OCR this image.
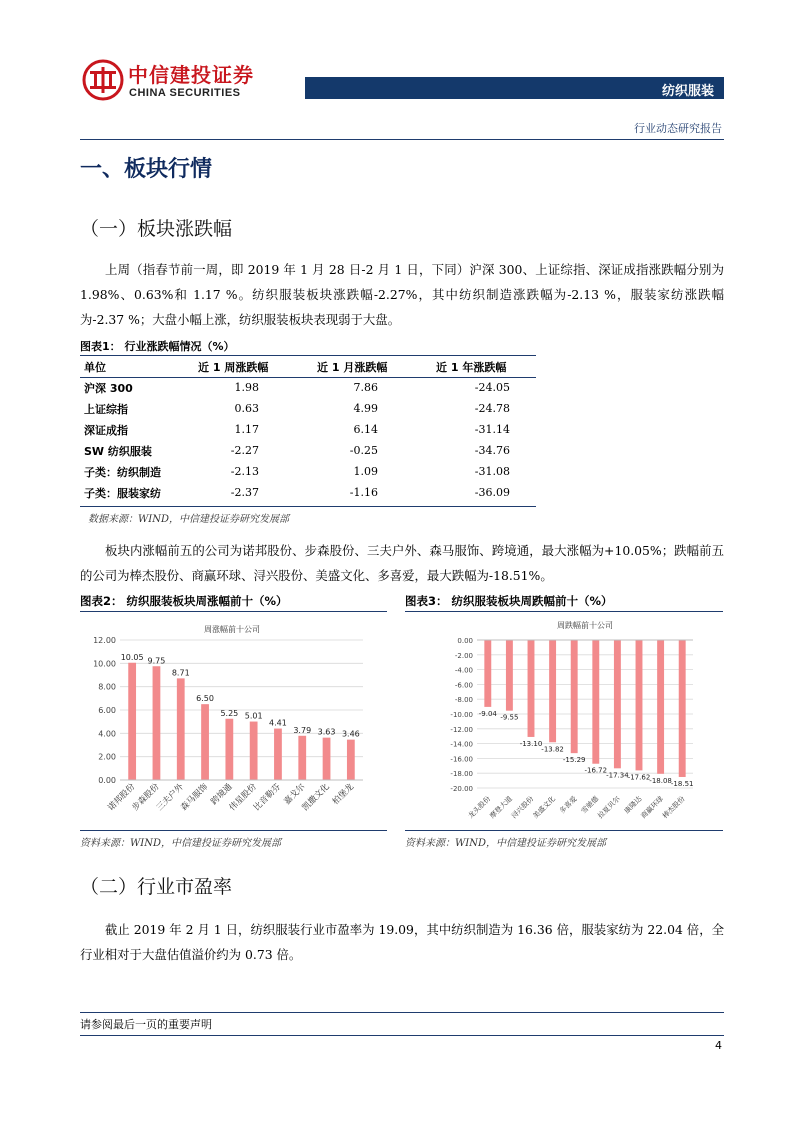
中信建投证券
CHINA SECURITIES	纺织服装
行业动态研究报告
一、板块行情
（一）板块涨跌幅

上周（指春节前一周，即 2019 年 1 月 28 日-2 月 1 日，下同）沪深 300、上证综指、深证成指涨跌幅分别为 1.98%、0.63%和 1.17 %。纺织服装板块涨跌幅-2.27%，其中纺织制造涨跌幅为-2.13 %，服装家纺涨跌幅为-2.37 %；大盘小幅上涨，纺织服装板块表现弱于大盘。

图表1： 行业涨跌幅情况（%）
单位	近 1 周涨跌幅	近 1 月涨跌幅	近 1 年涨跌幅
沪深 300	1.98	7.86	-24.05
上证综指	0.63	4.99	-24.78
深证成指	1.17	6.14	-31.14
SW 纺织服装	-2.27	-0.25	-34.76
子类：纺织制造	-2.13	1.09	-31.08
子类：服装家纺	-2.37	-1.16	-36.09
数据来源：WIND，中信建投证券研究发展部

板块内涨幅前五的公司为诺邦股份、步森股份、三夫户外、森马服饰、跨境通，最大涨幅为+10.05%；跌幅前五的公司为棒杰股份、商赢环球、浔兴股份、美盛文化、多喜爱，最大跌幅为-18.51%。

图表2： 纺织服装板块周涨幅前十（%）
周涨幅前十公司
0.00
2.00
4.00
6.00
8.00
10.00
12.00
10.05
诺邦股份
9.75
步森股份
8.71
三夫户外
6.50
森马服饰
5.25
跨境通
5.01
伟星股份
4.41
比音勒芬
3.79
嘉戈尔
3.63
凯撒文化
3.46
柏堡龙
资料来源：WIND，中信建投证券研究发展部
图表3： 纺织服装板块周跌幅前十（%）
周跌幅前十公司
0.00
-2.00
-4.00
-6.00
-8.00
-10.00
-12.00
-14.00
-16.00
-18.00
-20.00
-9.04
龙头股份
-9.55
摩登大道
-13.10
浔兴股份
-13.82
美盛文化
-15.29
多喜爱
-16.72
雪驰德
-17.34
拉夏贝尔
-17.62
康隆达
-18.08
商赢环球
-18.51
棒杰股份
资料来源：WIND，中信建投证券研究发展部
（二）行业市盈率

截止 2019 年 2 月 1 日，纺织服装行业市盈率为 19.09，其中纺织制造为 16.36 倍，服装家纺为 22.04 倍，全行业相对于大盘估值溢价约为 0.73 倍。

请参阅最后一页的重要声明
4
